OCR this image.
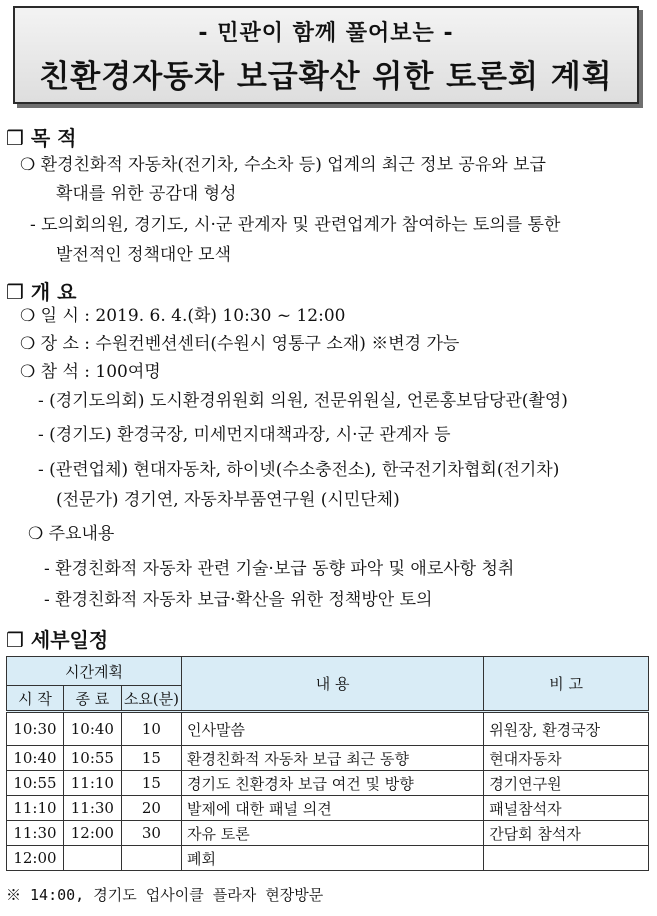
- 민관이 함께 풀어보는 -
친환경자동차 보급확산 위한 토론회 계획
❒ 목 적
❍ 환경친화적 자동차(전기차, 수소차 등) 업계의 최근 정보 공유와 보급
확대를 위한 공감대 형성
- 도의회의원, 경기도, 시·군 관계자 및 관련업계가 참여하는 토의를 통한
발전적인 정책대안 모색
❒ 개 요
❍ 일 시 : 2019. 6. 4.(화) 10:30 ~ 12:00
❍ 장 소 : 수원컨벤션센터(수원시 영통구 소재) ※변경 가능
❍ 참 석 : 100여명
- (경기도의회) 도시환경위원회 의원, 전문위원실, 언론홍보담당관(촬영)
- (경기도) 환경국장, 미세먼지대책과장, 시·군 관계자 등
- (관련업체) 현대자동차, 하이넷(수소충전소), 한국전기차협회(전기차)
(전문가) 경기연, 자동차부품연구원 (시민단체)
❍ 주요내용
- 환경친화적 자동차 관련 기술·보급 동향 파악 및 애로사항 청취
- 환경친화적 자동차 보급·확산을 위한 정책방안 토의
❒ 세부일정
시간계획			내 용	비 고
시 작	종 료	소요(분)		
10:30	10:40	10	인사말씀	위원장, 환경국장
10:40	10:55	15	환경친화적 자동차 보급 최근 동향	현대자동차
10:55	11:10	15	경기도 친환경차 보급 여건 및 방향	경기연구원
11:10	11:30	20	발제에 대한 패널 의견	패널참석자
11:30	12:00	30	자유 토론	간담회 참석자
12:00			폐회	
※ 14:00, 경기도 업사이클 플라자 현장방문
